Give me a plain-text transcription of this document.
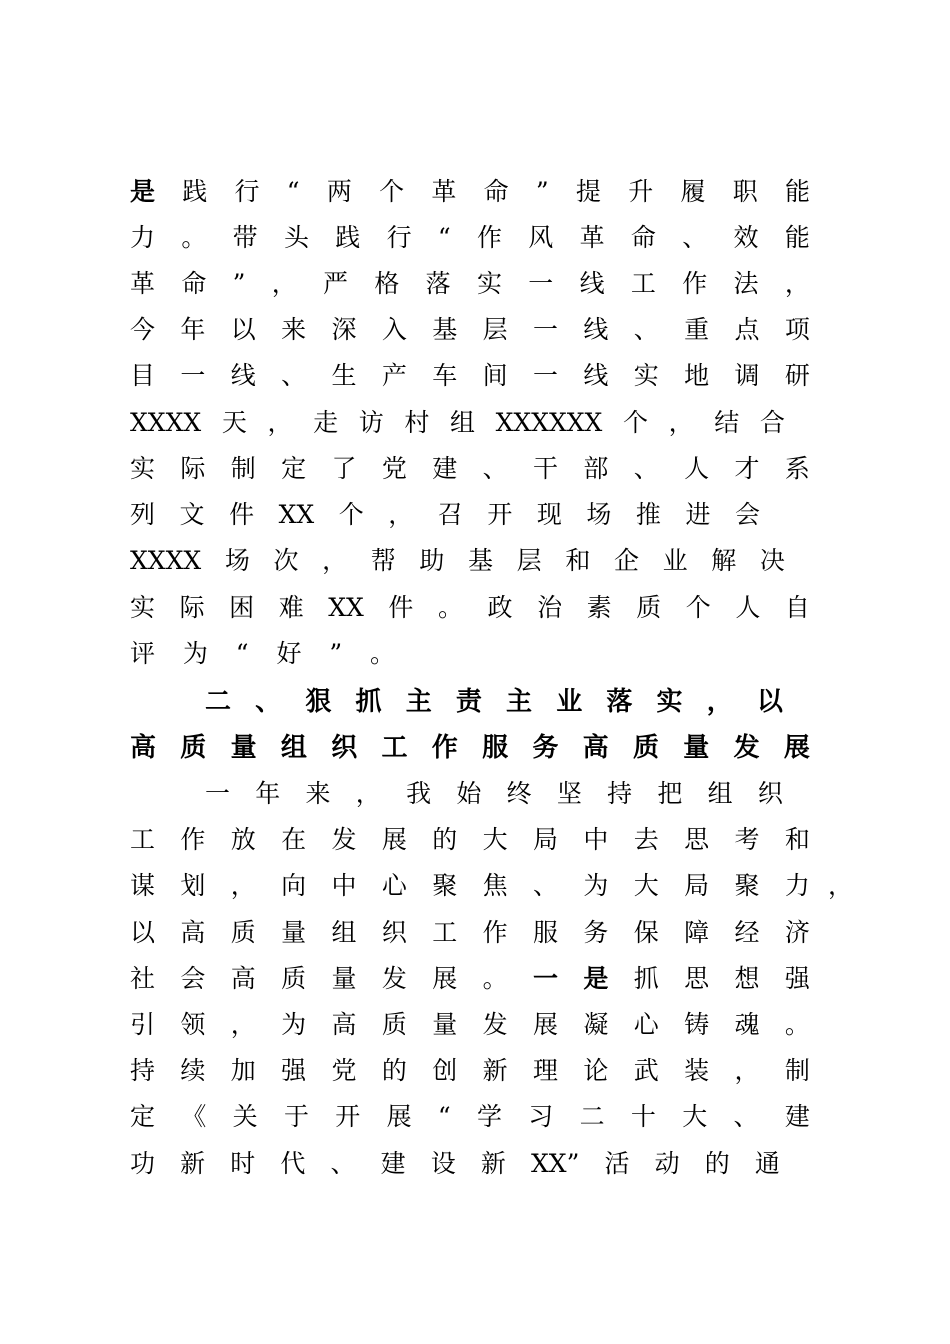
是 践 行 “ 两 个 革 命 ” 提 升 履 职 能
力 。 带 头 践 行 “ 作 风 革 命 、 效 能
革 命 ” ， 严 格 落 实 一 线 工 作 法 ，
今 年 以 来 深 入 基 层 一 线 、 重 点 项
目 一 线 、 生 产 车 间 一 线 实 地 调 研
XXXX 天 ， 走 访 村 组 XXXXXX 个 ， 结 合
实 际 制 定 了 党 建 、 干 部 、 人 才 系
列 文 件 XX 个 ， 召 开 现 场 推 进 会
XXXX 场 次 ， 帮 助 基 层 和 企 业 解 决
实 际 困 难 XX 件 。 政 治 素 质 个 人 自
评 为 “ 好 ” 。
二 、 狠 抓 主 责 主 业 落 实 ， 以
高 质 量 组 织 工 作 服 务 高 质 量 发 展
一 年 来 ， 我 始 终 坚 持 把 组 织
工 作 放 在 发 展 的 大 局 中 去 思 考 和
谋 划 ， 向 中 心 聚 焦 、 为 大 局 聚 力 ，
以 高 质 量 组 织 工 作 服 务 保 障 经 济
社 会 高 质 量 发 展 。 一 是 抓 思 想 强
引 领 ， 为 高 质 量 发 展 凝 心 铸 魂 。
持 续 加 强 党 的 创 新 理 论 武 装 ， 制
定 《 关 于 开 展 “ 学 习 二 十 大 、 建
功 新 时 代 、 建 设 新 XX” 活 动 的 通
